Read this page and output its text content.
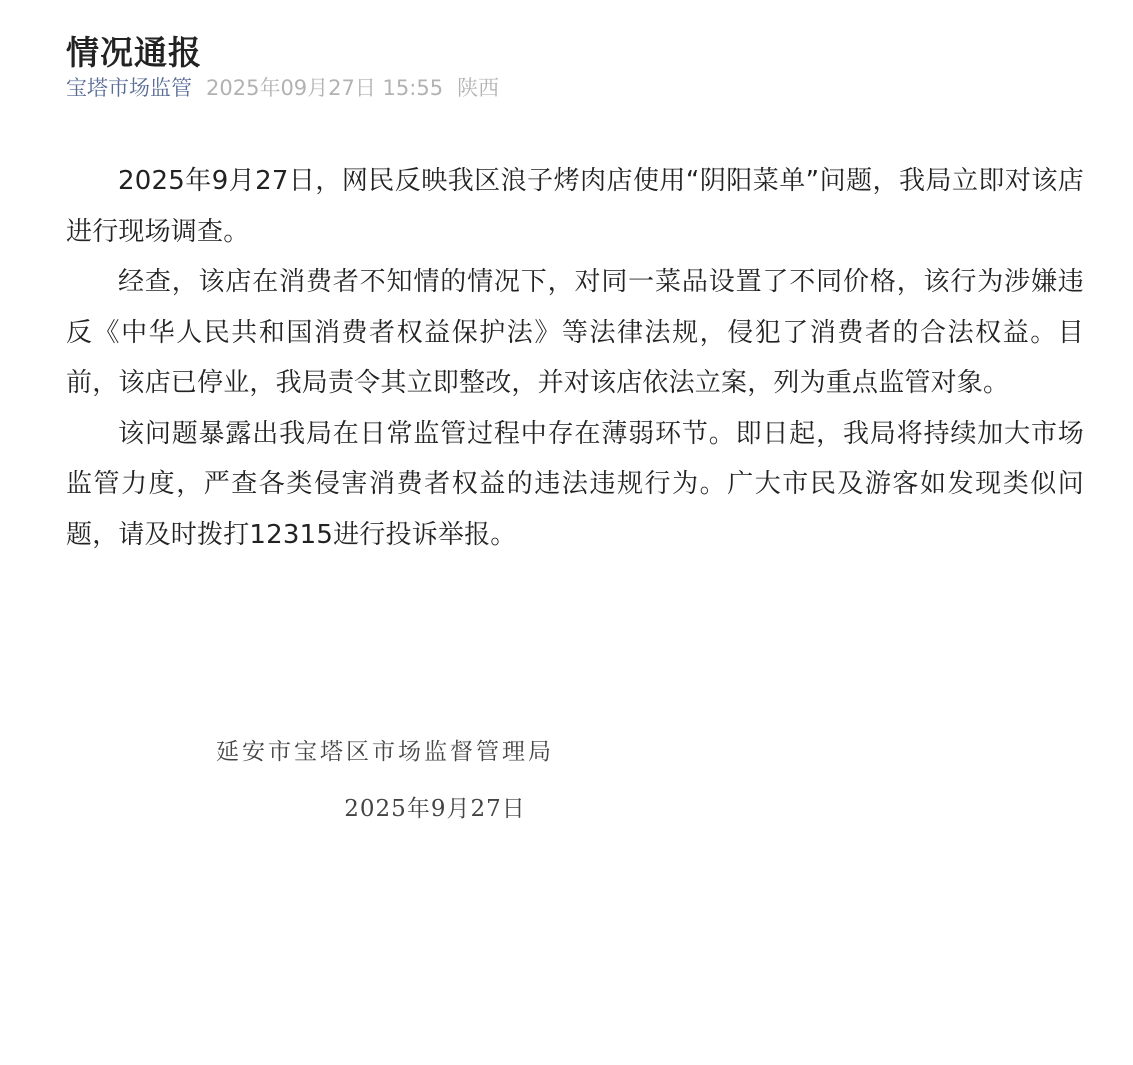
情况通报
宝塔市场监管 2025年09月27日 15:55 陕西

2025年9月27日，网民反映我区浪子烤肉店使用“阴阳菜单”问题，我局立即对该店进行现场调查。

经查，该店在消费者不知情的情况下，对同一菜品设置了不同价格，该行为涉嫌违反《中华人民共和国消费者权益保护法》等法律法规，侵犯了消费者的合法权益。目前，该店已停业，我局责令其立即整改，并对该店依法立案，列为重点监管对象。

该问题暴露出我局在日常监管过程中存在薄弱环节。即日起，我局将持续加大市场监管力度，严查各类侵害消费者权益的违法违规行为。广大市民及游客如发现类似问题，请及时拨打12315进行投诉举报。

延安市宝塔区市场监督管理局
2025年9月27日
